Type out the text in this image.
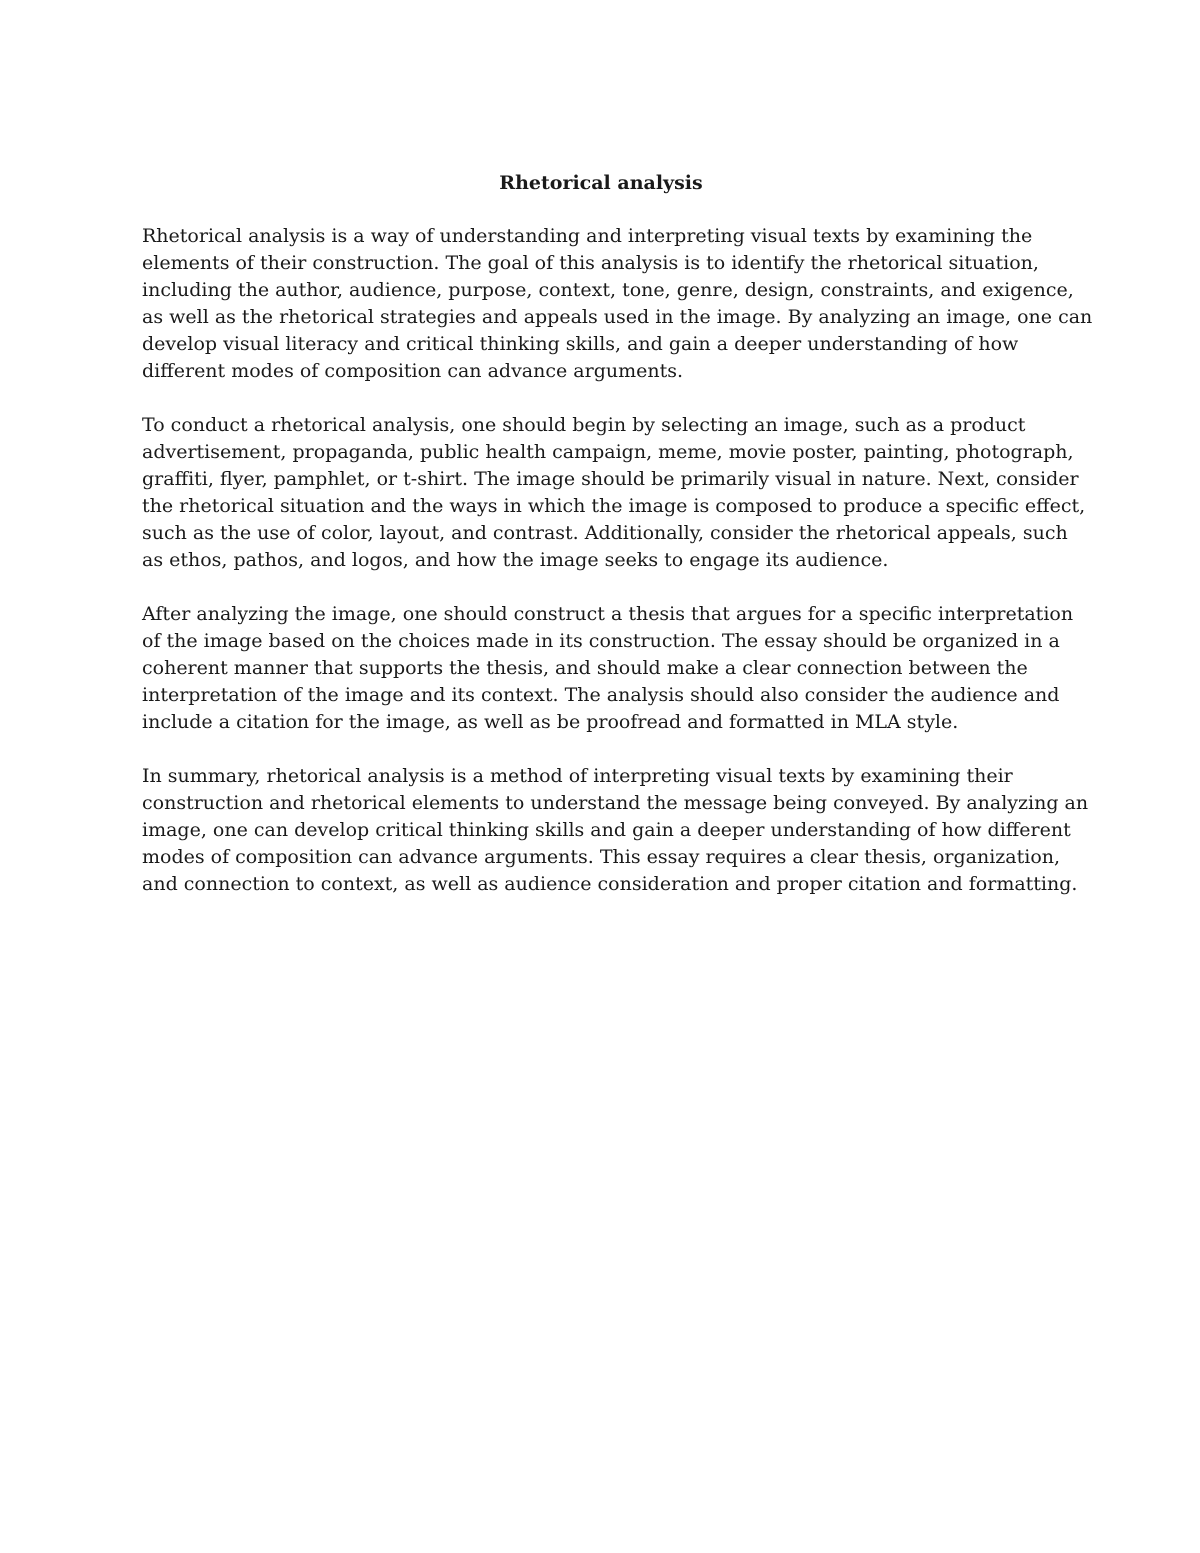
Rhetorical analysis

Rhetorical analysis is a way of understanding and interpreting visual texts by examining the
elements of their construction. The goal of this analysis is to identify the rhetorical situation,
including the author, audience, purpose, context, tone, genre, design, constraints, and exigence,
as well as the rhetorical strategies and appeals used in the image. By analyzing an image, one can
develop visual literacy and critical thinking skills, and gain a deeper understanding of how
different modes of composition can advance arguments.

To conduct a rhetorical analysis, one should begin by selecting an image, such as a product
advertisement, propaganda, public health campaign, meme, movie poster, painting, photograph,
graffiti, flyer, pamphlet, or t-shirt. The image should be primarily visual in nature. Next, consider
the rhetorical situation and the ways in which the image is composed to produce a specific effect,
such as the use of color, layout, and contrast. Additionally, consider the rhetorical appeals, such
as ethos, pathos, and logos, and how the image seeks to engage its audience.

After analyzing the image, one should construct a thesis that argues for a specific interpretation
of the image based on the choices made in its construction. The essay should be organized in a
coherent manner that supports the thesis, and should make a clear connection between the
interpretation of the image and its context. The analysis should also consider the audience and
include a citation for the image, as well as be proofread and formatted in MLA style.

In summary, rhetorical analysis is a method of interpreting visual texts by examining their
construction and rhetorical elements to understand the message being conveyed. By analyzing an
image, one can develop critical thinking skills and gain a deeper understanding of how different
modes of composition can advance arguments. This essay requires a clear thesis, organization,
and connection to context, as well as audience consideration and proper citation and formatting.
